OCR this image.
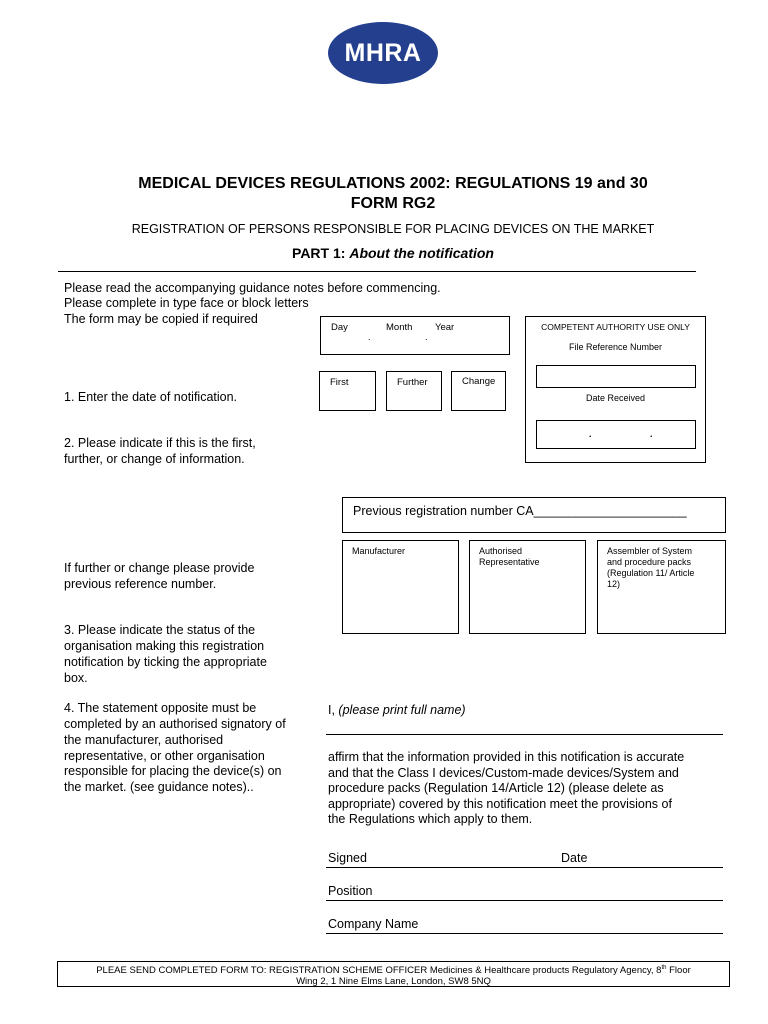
MHRA
MEDICAL DEVICES REGULATIONS 2002: REGULATIONS 19 and 30
FORM RG2
REGISTRATION OF PERSONS RESPONSIBLE FOR PLACING DEVICES ON THE MARKET
PART 1: About the notification
Please read the accompanying guidance notes before commencing.
Please complete in type face or block letters
The form may be copied if required
Day	Month Year
.	.
First	Further	Change
COMPETENT AUTHORITY USE ONLY
File Reference Number
Date Received
.	.
1. Enter the date of notification.
2. Please indicate if this is the first,
further, or change of information.
If further or change please provide
previous reference number.
3. Please indicate the status of the
organisation making this registration
notification by ticking the appropriate
box.
4. The statement opposite must be
completed by an authorised signatory of
the manufacturer, authorised
representative, or other organisation
responsible for placing the device(s) on
the market. (see guidance notes)..
Previous registration number CA______________________
Manufacturer	Authorised
Representative
Assembler of System
and procedure packs
(Regulation 11/ Article
12)
I, (please print full name)
affirm that the information provided in this notification is accurate
and that the Class I devices/Custom-made devices/System and
procedure packs (Regulation 14/Article 12) (please delete as
appropriate) covered by this notification meet the provisions of
the Regulations which apply to them.
Signed	Date
Position
Company Name
PLEAE SEND COMPLETED FORM TO: REGISTRATION SCHEME OFFICER Medicines & Healthcare products Regulatory Agency, 8th Floor
Wing 2, 1 Nine Elms Lane, London, SW8 5NQ
